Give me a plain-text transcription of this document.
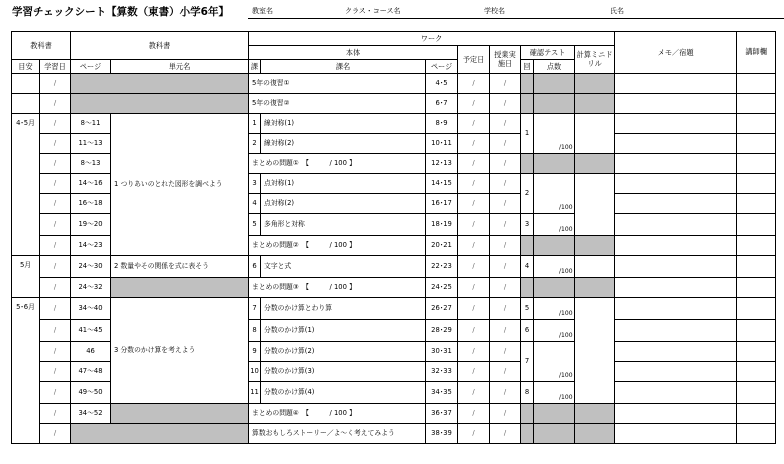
学習チェックシート【算数（東書）小学6年】	教室名	クラス・コース名	学校名	氏名
教科書		教科書		ワーク								メモ／宿題	講師欄
				本体			予定日	授業実施日	確認テスト		計算ミニドリル		
目安	学習日	ページ	単元名	課	課名	ページ			回	点数			
	/			5年の復習①		4･5	/	/					
	/			5年の復習②		6･7	/	/					
4･5月	/	8～11	1 つりあいのとれた図形を調べよう	1	線対称(1)	8･9	/	/	1	/100			
	/	11～13		2	線対称(2)	10･11	/	/					
	/	8～13		まとめの問題①　【　　　/ 100 】		12･13	/	/					
	/	14～16		3	点対称(1)	14･15	/	/	2	/100			
	/	16～18		4	点対称(2)	16･17	/	/					
	/	19～20		5	多角形と対称	18･19	/	/	3	/100			
	/	14～23		まとめの問題②　【　　　/ 100 】		20･21	/	/					
5月	/	24～30	2 数量やその関係を式に表そう	6	文字と式	22･23	/	/	4	/100			
	/	24～32		まとめの問題③　【　　　/ 100 】		24･25	/	/					
5･6月	/	34～40	3 分数のかけ算を考えよう	7	分数のかけ算とわり算	26･27	/	/	5	/100			
	/	41～45		8	分数のかけ算(1)	28･29	/	/	6	/100			
	/	46		9	分数のかけ算(2)	30･31	/	/	7	/100			
	/	47～48		10	分数のかけ算(3)	32･33	/	/					
	/	49～50		11	分数のかけ算(4)	34･35	/	/	8	/100			
	/	34～52		まとめの問題④　【　　　/ 100 】		36･37	/	/					
	/			算数おもしろストーリー／よ～く考えてみよう		38･39	/	/					
